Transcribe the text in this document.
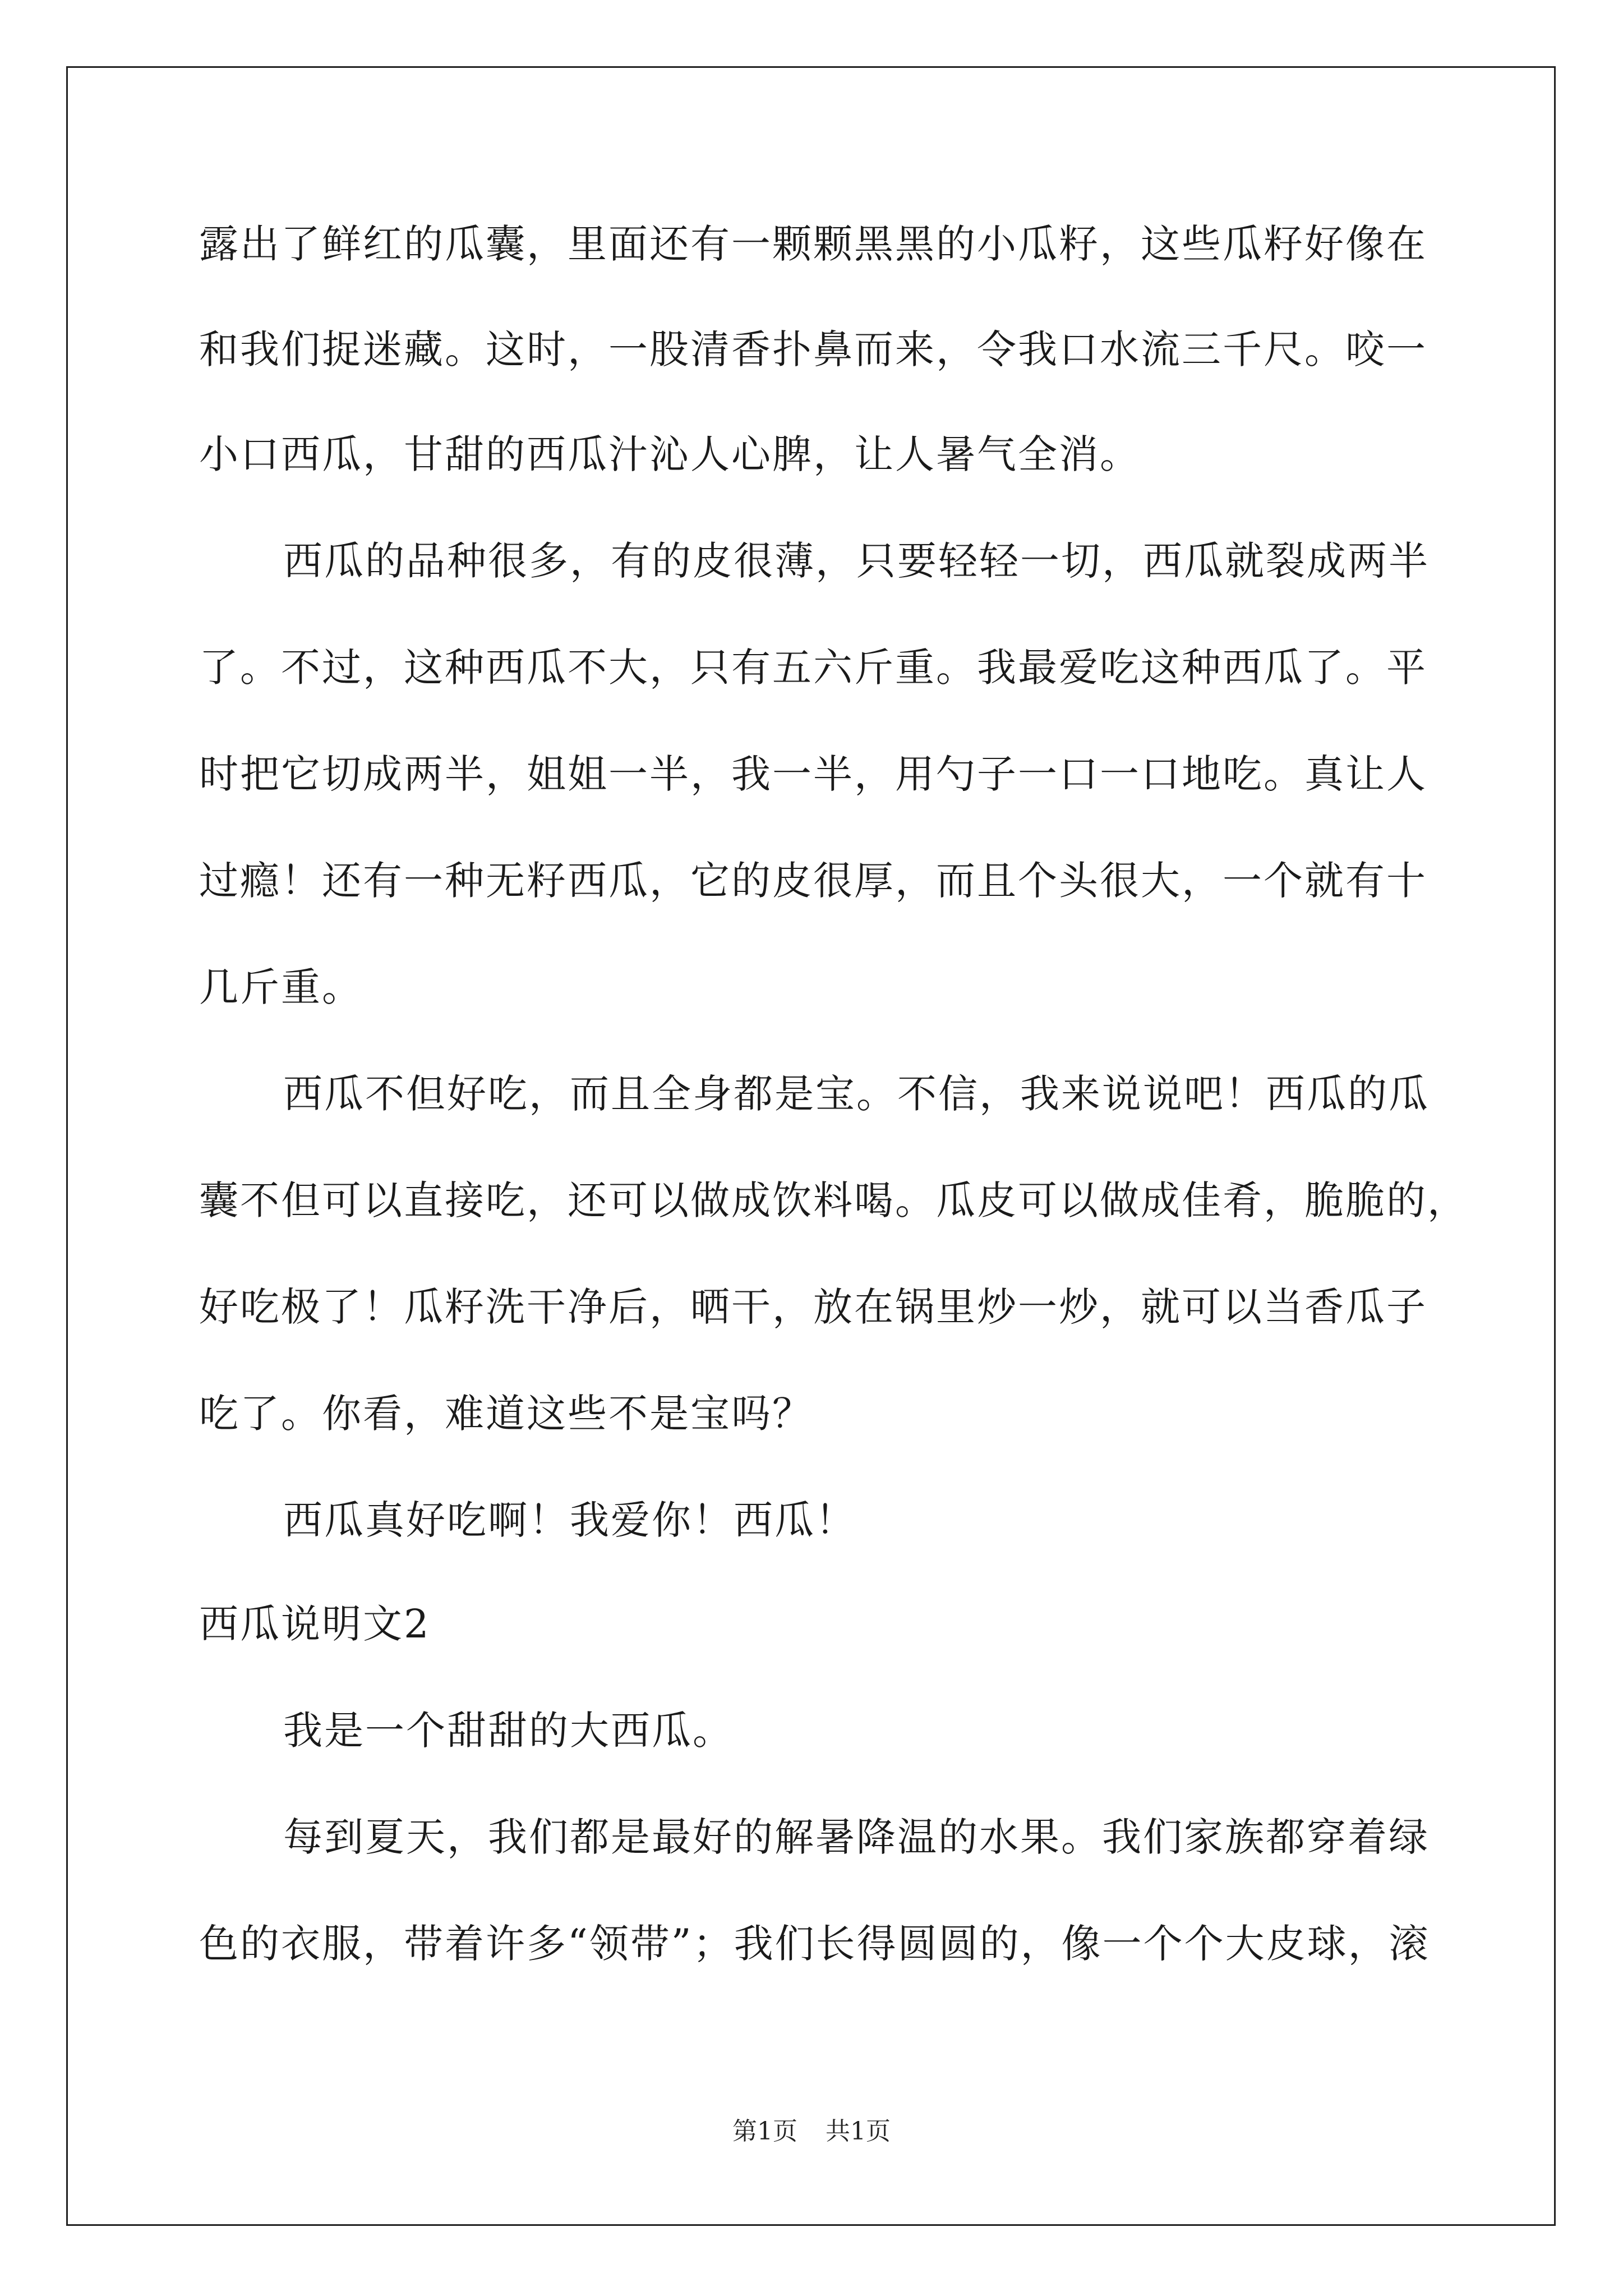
露出了鲜红的瓜囊，里面还有一颗颗黑黑的小瓜籽，这些瓜籽好像在
和我们捉迷藏。这时，一股清香扑鼻而来，令我口水流三千尺。咬一
小口西瓜，甘甜的西瓜汁沁人心脾，让人暑气全消。
西瓜的品种很多，有的皮很薄，只要轻轻一切，西瓜就裂成两半
了。不过，这种西瓜不大，只有五六斤重。我最爱吃这种西瓜了。平
时把它切成两半，姐姐一半，我一半，用勺子一口一口地吃。真让人
过瘾！还有一种无籽西瓜，它的皮很厚，而且个头很大，一个就有十
几斤重。
西瓜不但好吃，而且全身都是宝。不信，我来说说吧！西瓜的瓜
囊不但可以直接吃，还可以做成饮料喝。瓜皮可以做成佳肴，脆脆的，
好吃极了！瓜籽洗干净后，晒干，放在锅里炒一炒，就可以当香瓜子
吃了。你看，难道这些不是宝吗？
西瓜真好吃啊！我爱你！西瓜！
西瓜说明文2
我是一个甜甜的大西瓜。
每到夏天，我们都是最好的解暑降温的水果。我们家族都穿着绿
色的衣服，带着许多“领带”；我们长得圆圆的，像一个个大皮球，滚
第1页 共1页
